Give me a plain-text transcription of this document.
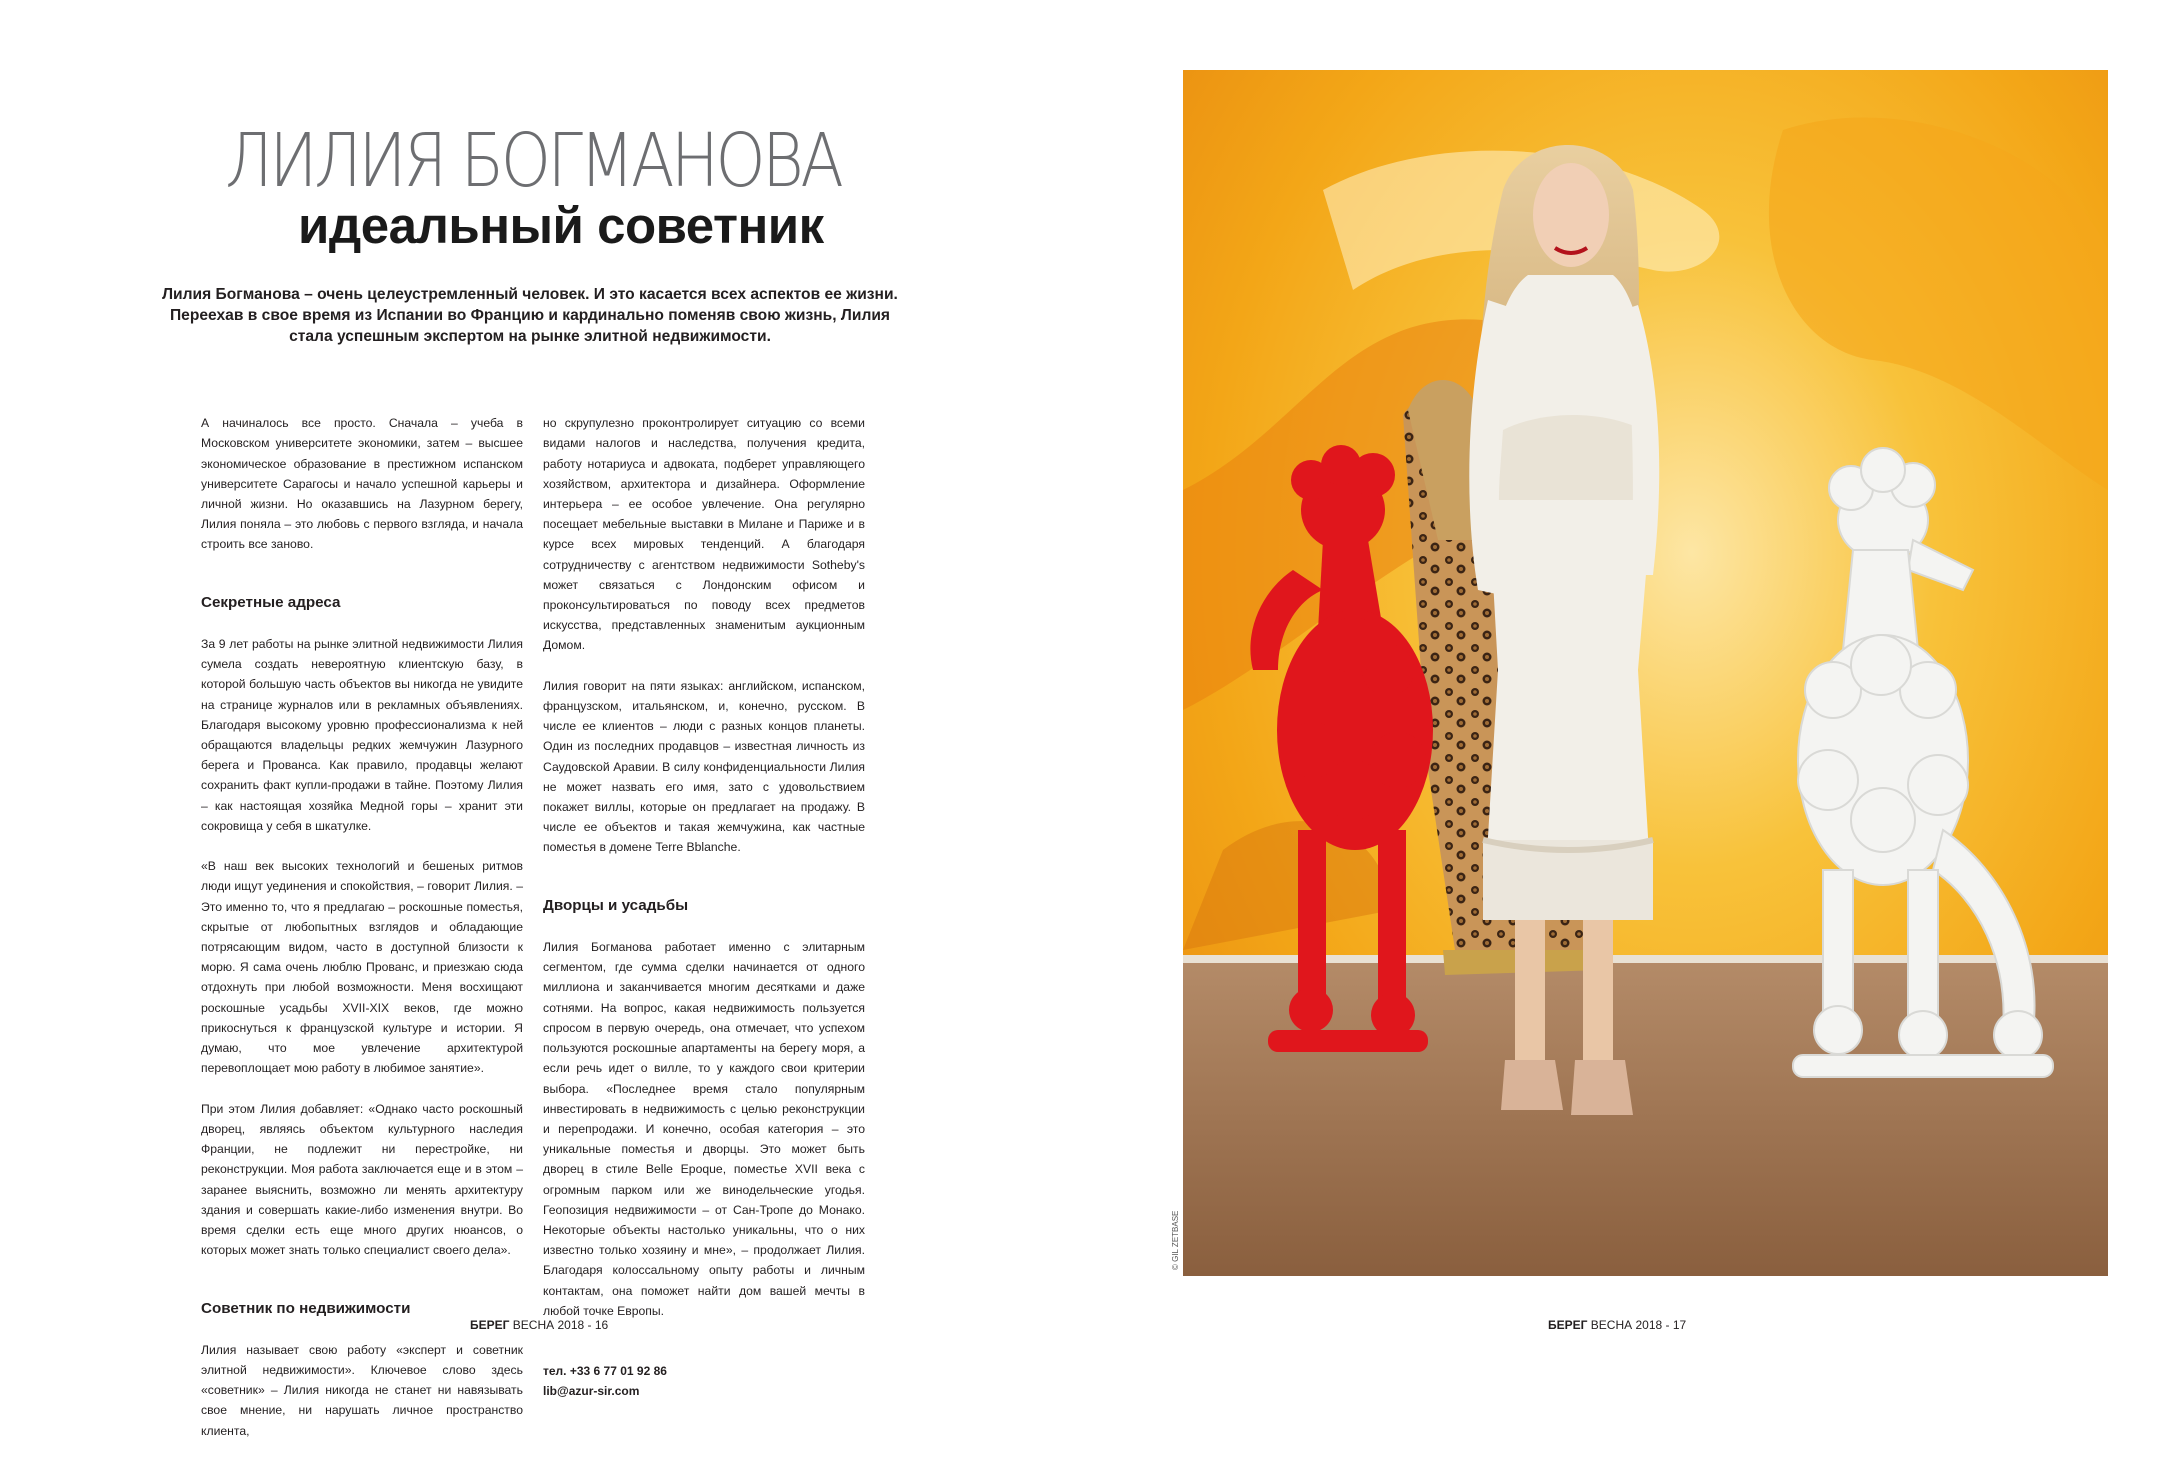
ЛИЛИЯ БОГМАНОВА
идеальный советник
Лилия Богманова – очень целеустремленный человек. И это касается всех аспектов ее жизни. Переехав в свое время из Испании во Францию и кардинально поменяв свою жизнь, Лилия стала успешным экспертом на рынке элитной недвижимости.

А начиналось все просто. Сначала – учеба в Московском университете экономики, затем – высшее экономическое образование в престижном испанском университете Сарагосы и начало успешной карьеры и личной жизни. Но оказавшись на Лазурном берегу, Лилия поняла – это любовь с первого взгляда, и начала строить все заново.

Секретные адреса

За 9 лет работы на рынке элитной недвижимости Лилия сумела создать невероятную клиентскую базу, в которой большую часть объектов вы никогда не увидите на странице журналов или в рекламных объявлениях. Благодаря высокому уровню профессионализма к ней обращаются владельцы редких жемчужин Лазурного берега и Прованса. Как правило, продавцы желают сохранить факт купли-продажи в тайне. Поэтому Лилия – как настоящая хозяйка Медной горы – хранит эти сокровища у себя в шкатулке.

«В наш век высоких технологий и бешеных ритмов люди ищут уединения и спокойствия, – говорит Лилия. – Это именно то, что я предлагаю – роскошные поместья, скрытые от любопытных взглядов и обладающие потрясающим видом, часто в доступной близости к морю. Я сама очень люблю Прованс, и приезжаю сюда отдохнуть при любой возможности. Меня восхищают роскошные усадьбы XVII-XIX веков, где можно прикоснуться к французской культуре и истории. Я думаю, что мое увлечение архитектурой перевоплощает мою работу в любимое занятие».

При этом Лилия добавляет: «Однако часто роскошный дворец, являясь объектом культурного наследия Франции, не подлежит ни перестройке, ни реконструкции. Моя работа заключается еще и в этом – заранее выяснить, возможно ли менять архитектуру здания и совершать какие-либо изменения внутри. Во время сделки есть еще много других нюансов, о которых может знать только специалист своего дела».

Советник по недвижимости

Лилия называет свою работу «эксперт и советник элитной недвижимости». Ключевое слово здесь «советник» – Лилия никогда не станет ни навязывать свое мнение, ни нарушать личное пространство клиента,

но скрупулезно проконтролирует ситуацию со всеми видами налогов и наследства, получения кредита, работу нотариуса и адвоката, подберет управляющего хозяйством, архитектора и дизайнера. Оформление интерьера – ее особое увлечение. Она регулярно посещает мебельные выставки в Милане и Париже и в курсе всех мировых тенденций. А благодаря сотрудничеству с агентством недвижимости Sotheby's может связаться с Лондонским офисом и проконсультироваться по поводу всех предметов искусства, представленных знаменитым аукционным Домом.

Лилия говорит на пяти языках: английском, испанском, французском, итальянском, и, конечно, русском. В числе ее клиентов – люди с разных концов планеты. Один из последних продавцов – известная личность из Саудовской Аравии. В силу конфиденциальности Лилия не может назвать его имя, зато с удовольствием покажет виллы, которые он предлагает на продажу. В числе ее объектов и такая жемчужина, как частные поместья в домене Terre Bblanche.

Дворцы и усадьбы

Лилия Богманова работает именно с элитарным сегментом, где сумма сделки начинается от одного миллиона и заканчивается многим десятками и даже сотнями. На вопрос, какая недвижимость пользуется спросом в первую очередь, она отмечает, что успехом пользуются роскошные апартаменты на берегу моря, а если речь идет о вилле, то у каждого свои критерии выбора. «Последнее время стало популярным инвестировать в недвижимость с целью реконструкции и перепродажи. И конечно, особая категория – это уникальные поместья и дворцы. Это может быть дворец в стиле Belle Epoque, поместье XVII века с огромным парком или же винодельческие угодья. Геопозиция недвижимости – от Сан-Тропе до Монако. Некоторые объекты настолько уникальны, что о них известно только хозяину и мне», – продолжает Лилия. Благодаря колоссальному опыту работы и личным контактам, она поможет найти дом вашей мечты в любой точке Европы.

тел. +33 6 77 01 92 86
lib@azur-sir.com

БЕРЕГ ВЕСНА 2018 - 16
© GIL ZETBASE
БЕРЕГ ВЕСНА 2018 - 17
